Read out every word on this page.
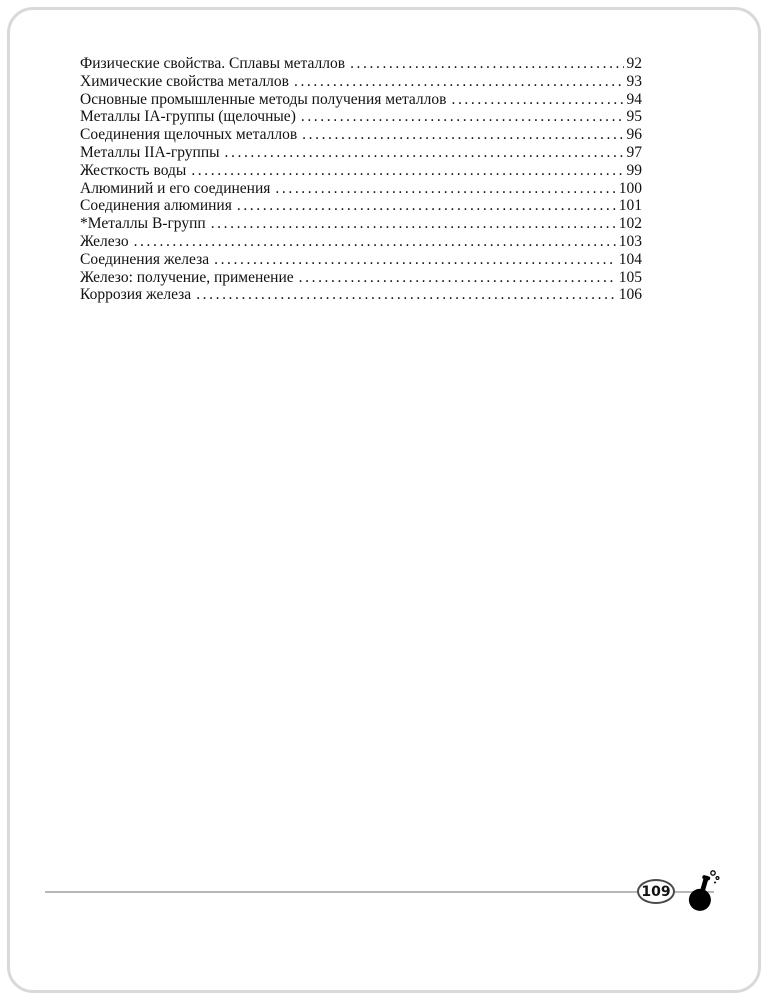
Физические свойства. Сплавы металлов .....	92
Химические свойства металлов .....	93
Основные промышленные методы получения металлов .....	94
Металлы IA-группы (щелочные) .....	95
Соединения щелочных металлов .....	96
Металлы IIA-группы .....	97
Жесткость воды .....	99
Алюминий и его соединения .....	100
Соединения алюминия .....	101
*Металлы В-групп .....	102
Железо .....	103
Соединения железа .....	104
Железо: получение, применение .....	105
Коррозия железа .....	106
109
